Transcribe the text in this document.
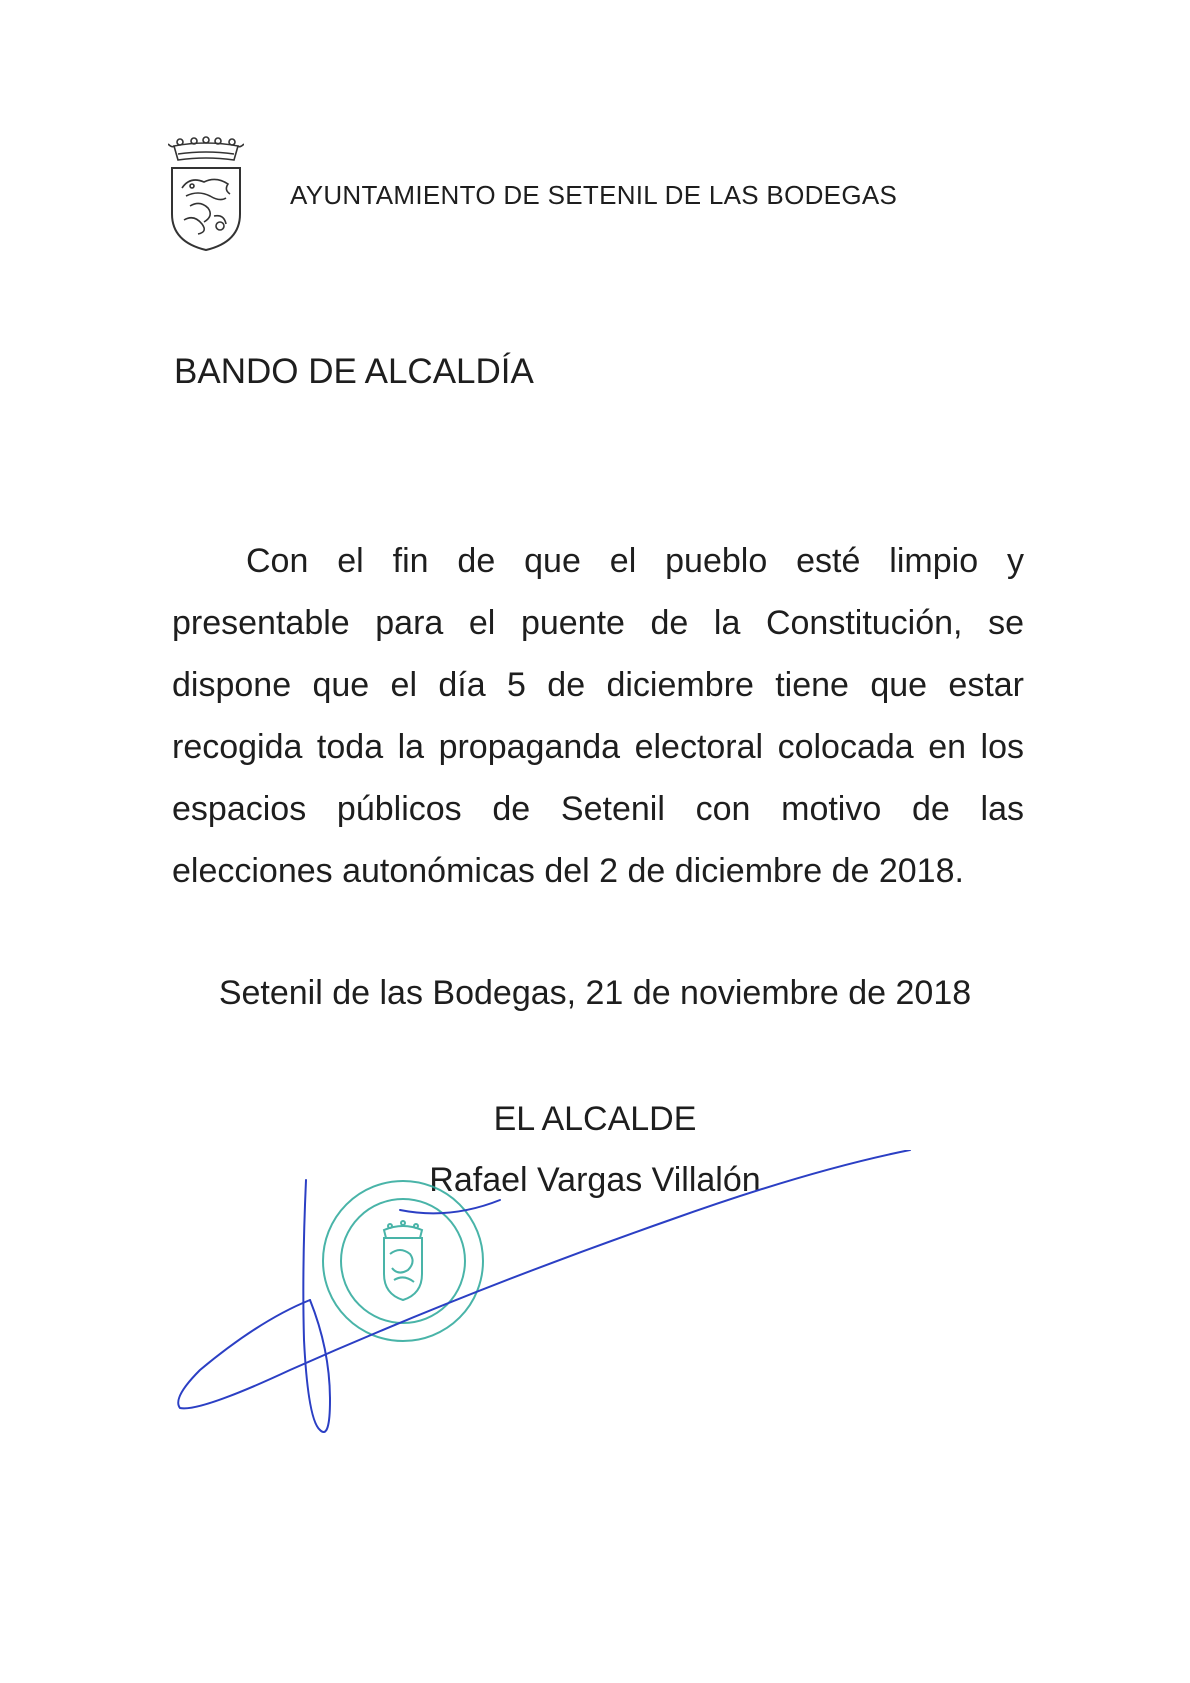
AYUNTAMIENTO DE SETENIL DE LAS BODEGAS
BANDO DE ALCALDÍA

Con el fin de que el pueblo esté limpio y presentable para el puente de la Constitución, se dispone que el día 5 de diciembre tiene que estar recogida toda la propaganda electoral colocada en los espacios públicos de Setenil con motivo de las elecciones autonómicas del 2 de diciembre de 2018.

Setenil de las Bodegas, 21 de noviembre de 2018
EL ALCALDE
Rafael Vargas Villalón
